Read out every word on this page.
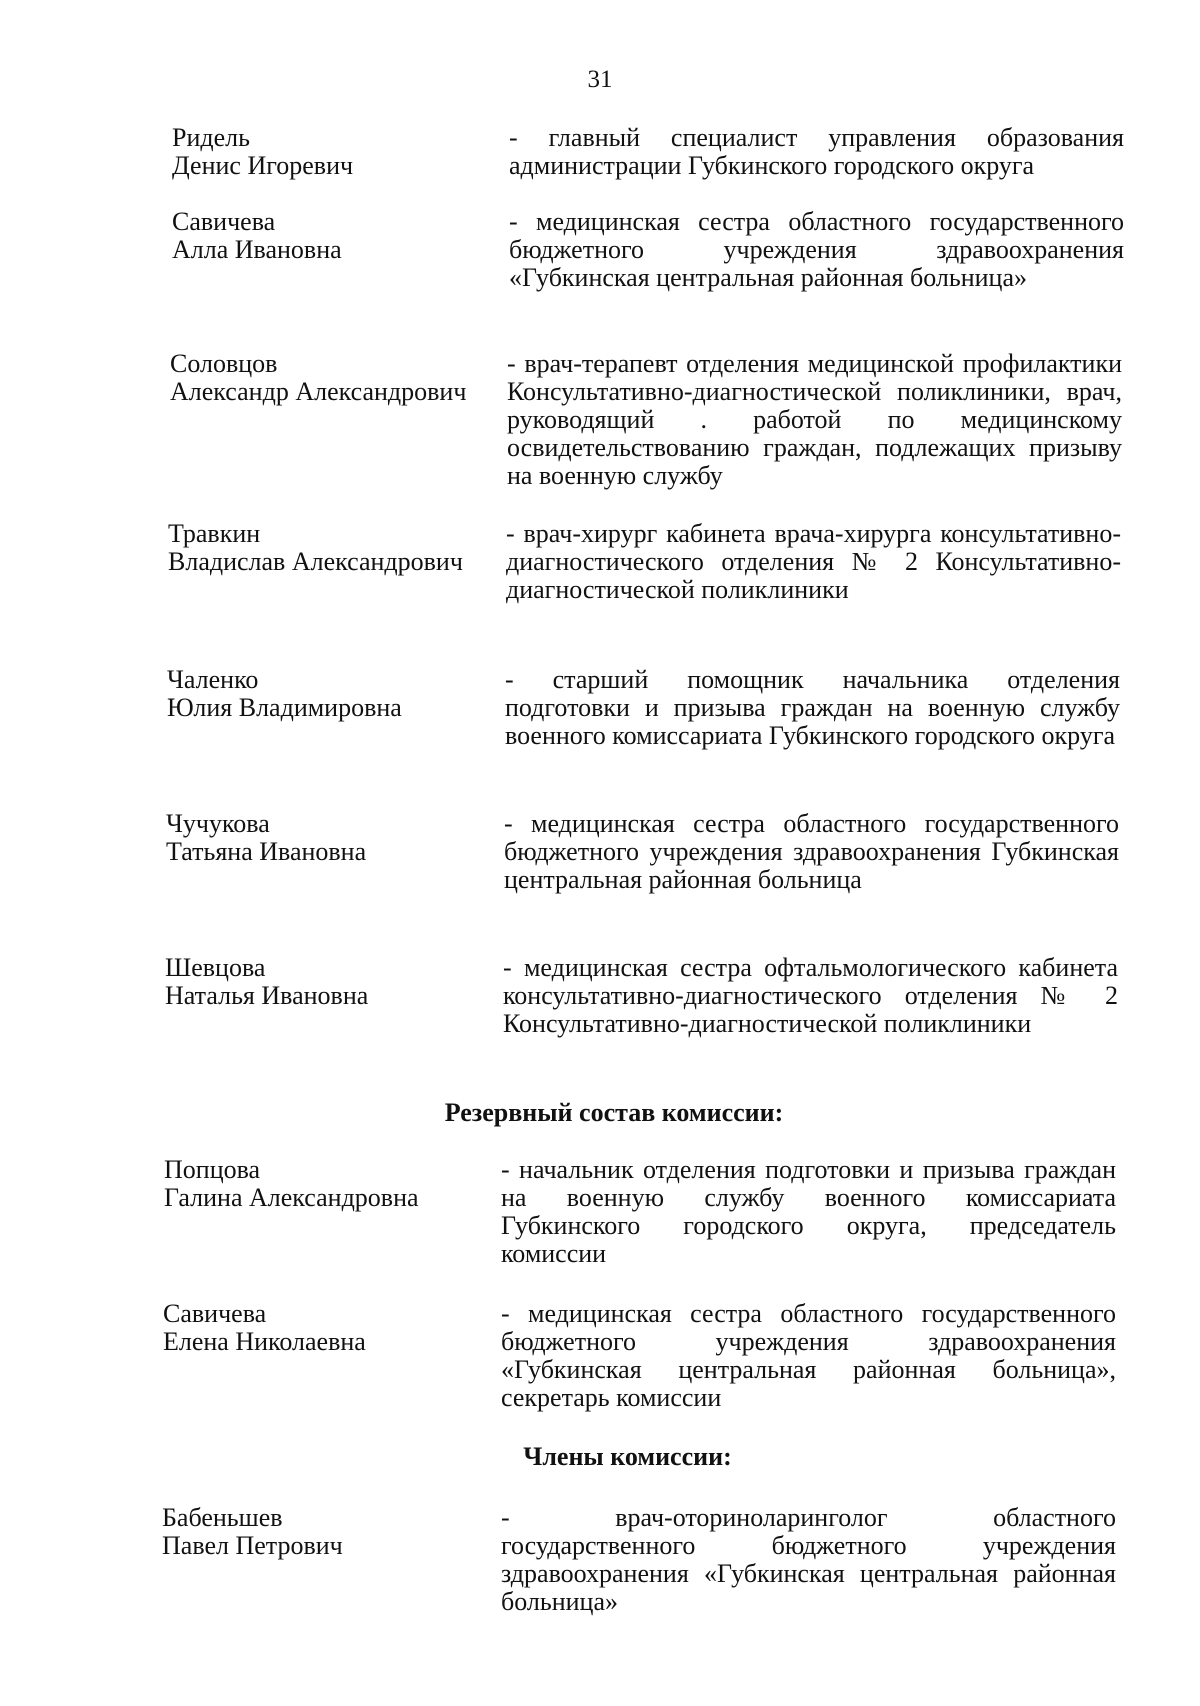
31
Ридель
Денис Игоревич
- главный специалист управления образования администрации Губкинского городского округа
Савичева
Алла Ивановна
- медицинская сестра областного государственного бюджетного учреждения здравоохранения «Губкинская центральная районная больница»
Соловцов
Александр Александрович
- врач-терапевт отделения медицинской профилактики Консультативно-диагностической поликлиники, врач, руководящий . работой по медицинскому освидетельствованию граждан, подлежащих призыву на военную службу
Травкин
Владислав Александрович
- врач-хирург кабинета врача-хирурга консультативно-диагностического отделения № 2 Консультативно-диагностической поликлиники
Чаленко
Юлия Владимировна
- старший помощник начальника отделения подготовки и призыва граждан на военную службу военного комиссариата Губкинского городского округа
Чучукова
Татьяна Ивановна
- медицинская сестра областного государственного бюджетного учреждения здравоохранения Губкинская центральная районная больница
Шевцова
Наталья Ивановна
- медицинская сестра офтальмологического кабинета консультативно-диагностического отделения № 2 Консультативно-диагностической поликлиники
Резервный состав комиссии:
Попцова
Галина Александровна
- начальник отделения подготовки и призыва граждан на военную службу военного комиссариата Губкинского городского округа, председатель комиссии
Савичева
Елена Николаевна
- медицинская сестра областного государственного бюджетного учреждения здравоохранения «Губкинская центральная районная больница», секретарь комиссии
Члены комиссии:
Бабеньшев
Павел Петрович
- врач-оториноларинголог областного государственного бюджетного учреждения здравоохранения «Губкинская центральная районная больница»
